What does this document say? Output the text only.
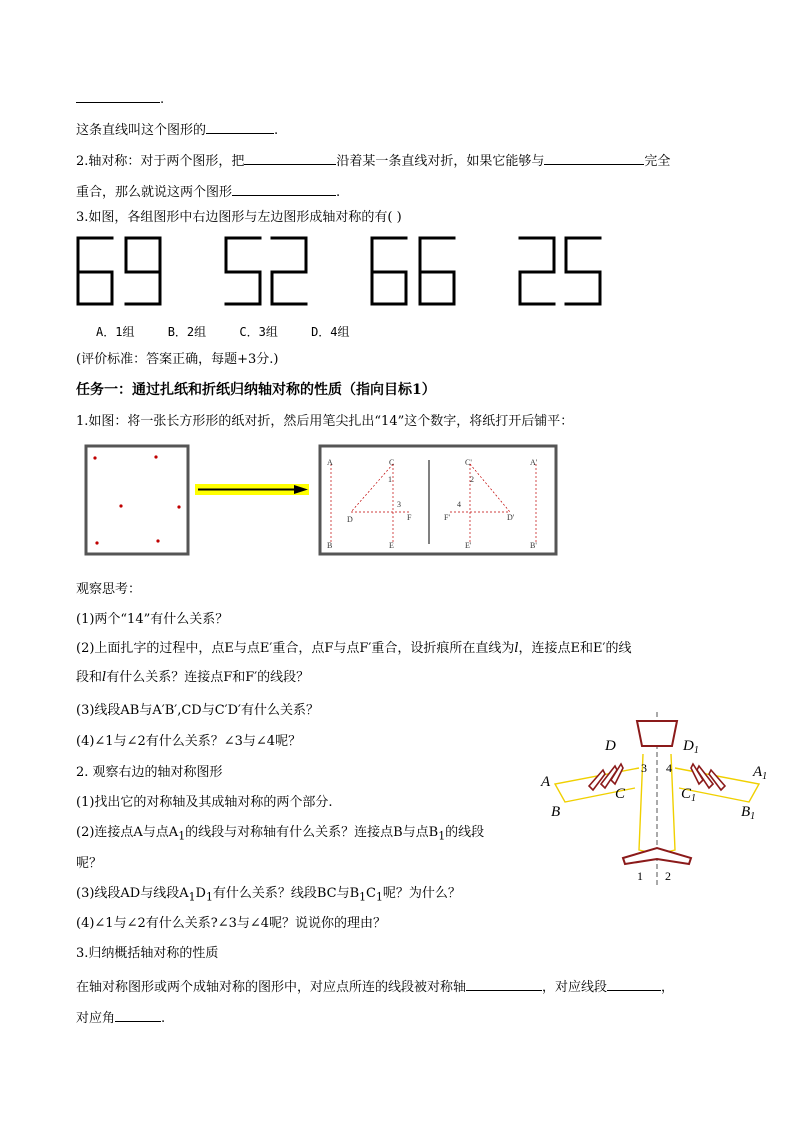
.
这条直线叫这个图形的	.
2.轴对称：对于两个图形，把	沿着某一条直线对折，如果它能够与	完全
重合，那么就说这两个图形	.
3.如图，各组图形中右边图形与左边图形成轴对称的有( )
A．1组	B．2组	C．3组	D．4组
(评价标准：答案正确，每题+3分.)
任务一：通过扎纸和折纸归纳轴对称的性质（指向目标1）
1.如图：将一张长方形形的纸对折，然后用笔尖扎出“14”这个数字，将纸打开后铺平：
A
B
C
D
E
F
1
3
C'
F'
E'
D'
2
4
A'
B'
观察思考：
(1)两个“14”有什么关系？
(2)上面扎字的过程中，点E与点E′重合，点F与点F′重合，设折痕所在直线为l，连接点E和E′的线
段和l有什么关系？连接点F和F′的线段？
(3)线段AB与A′B′,CD与C′D′有什么关系？
(4)∠1与∠2有什么关系？∠3与∠4呢？
2. 观察右边的轴对称图形
(1)找出它的对称轴及其成轴对称的两个部分.
(2)连接点A与点$A_1$的线段与对称轴有什么关系？连接点B与点$B_1$的线段
呢？
(3)线段AD与线段$A_1D_1$有什么关系？线段BC与$B_1C_1$呢？为什么？
(4)∠1与∠2有什么关系?∠3与∠4呢？说说你的理由？
3.归纳概括轴对称的性质
在轴对称图形或两个成轴对称的图形中，对应点所连的线段被对称轴	，对应线段	，
对应角	.
D	$D_1$
A
$A_1$
B	$B_1$
C	$C_1$
3 4
1 2
